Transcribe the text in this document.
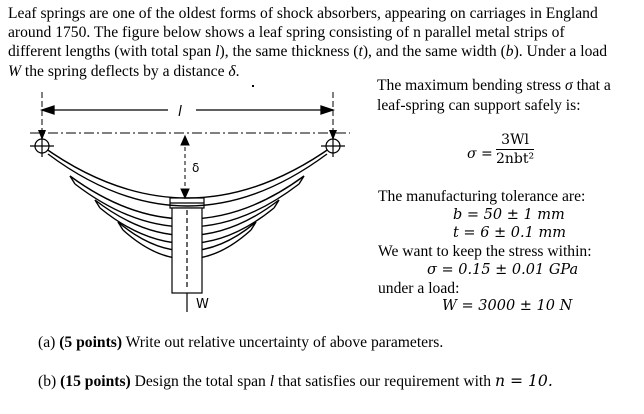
Leaf springs are one of the oldest forms of shock absorbers, appearing on carriages in England
around 1750. The figure below shows a leaf spring consisting of n parallel metal strips of
different lengths (with total span l), the same thickness (t), and the same width (b). Under a load
W the spring deflects by a distance δ.
l
δ
W
The maximum bending stress σ that a
leaf-spring can support safely is:
σ =
3Wl
2nbt²
The manufacturing tolerance are:
b = 50 ± 1 mm
t = 6 ± 0.1 mm
We want to keep the stress within:
σ = 0.15 ± 0.01 GPa
under a load:
W = 3000 ± 10 N
(a) (5 points) Write out relative uncertainty of above parameters.
(b) (15 points) Design the total span l that satisfies our requirement with n = 10.
